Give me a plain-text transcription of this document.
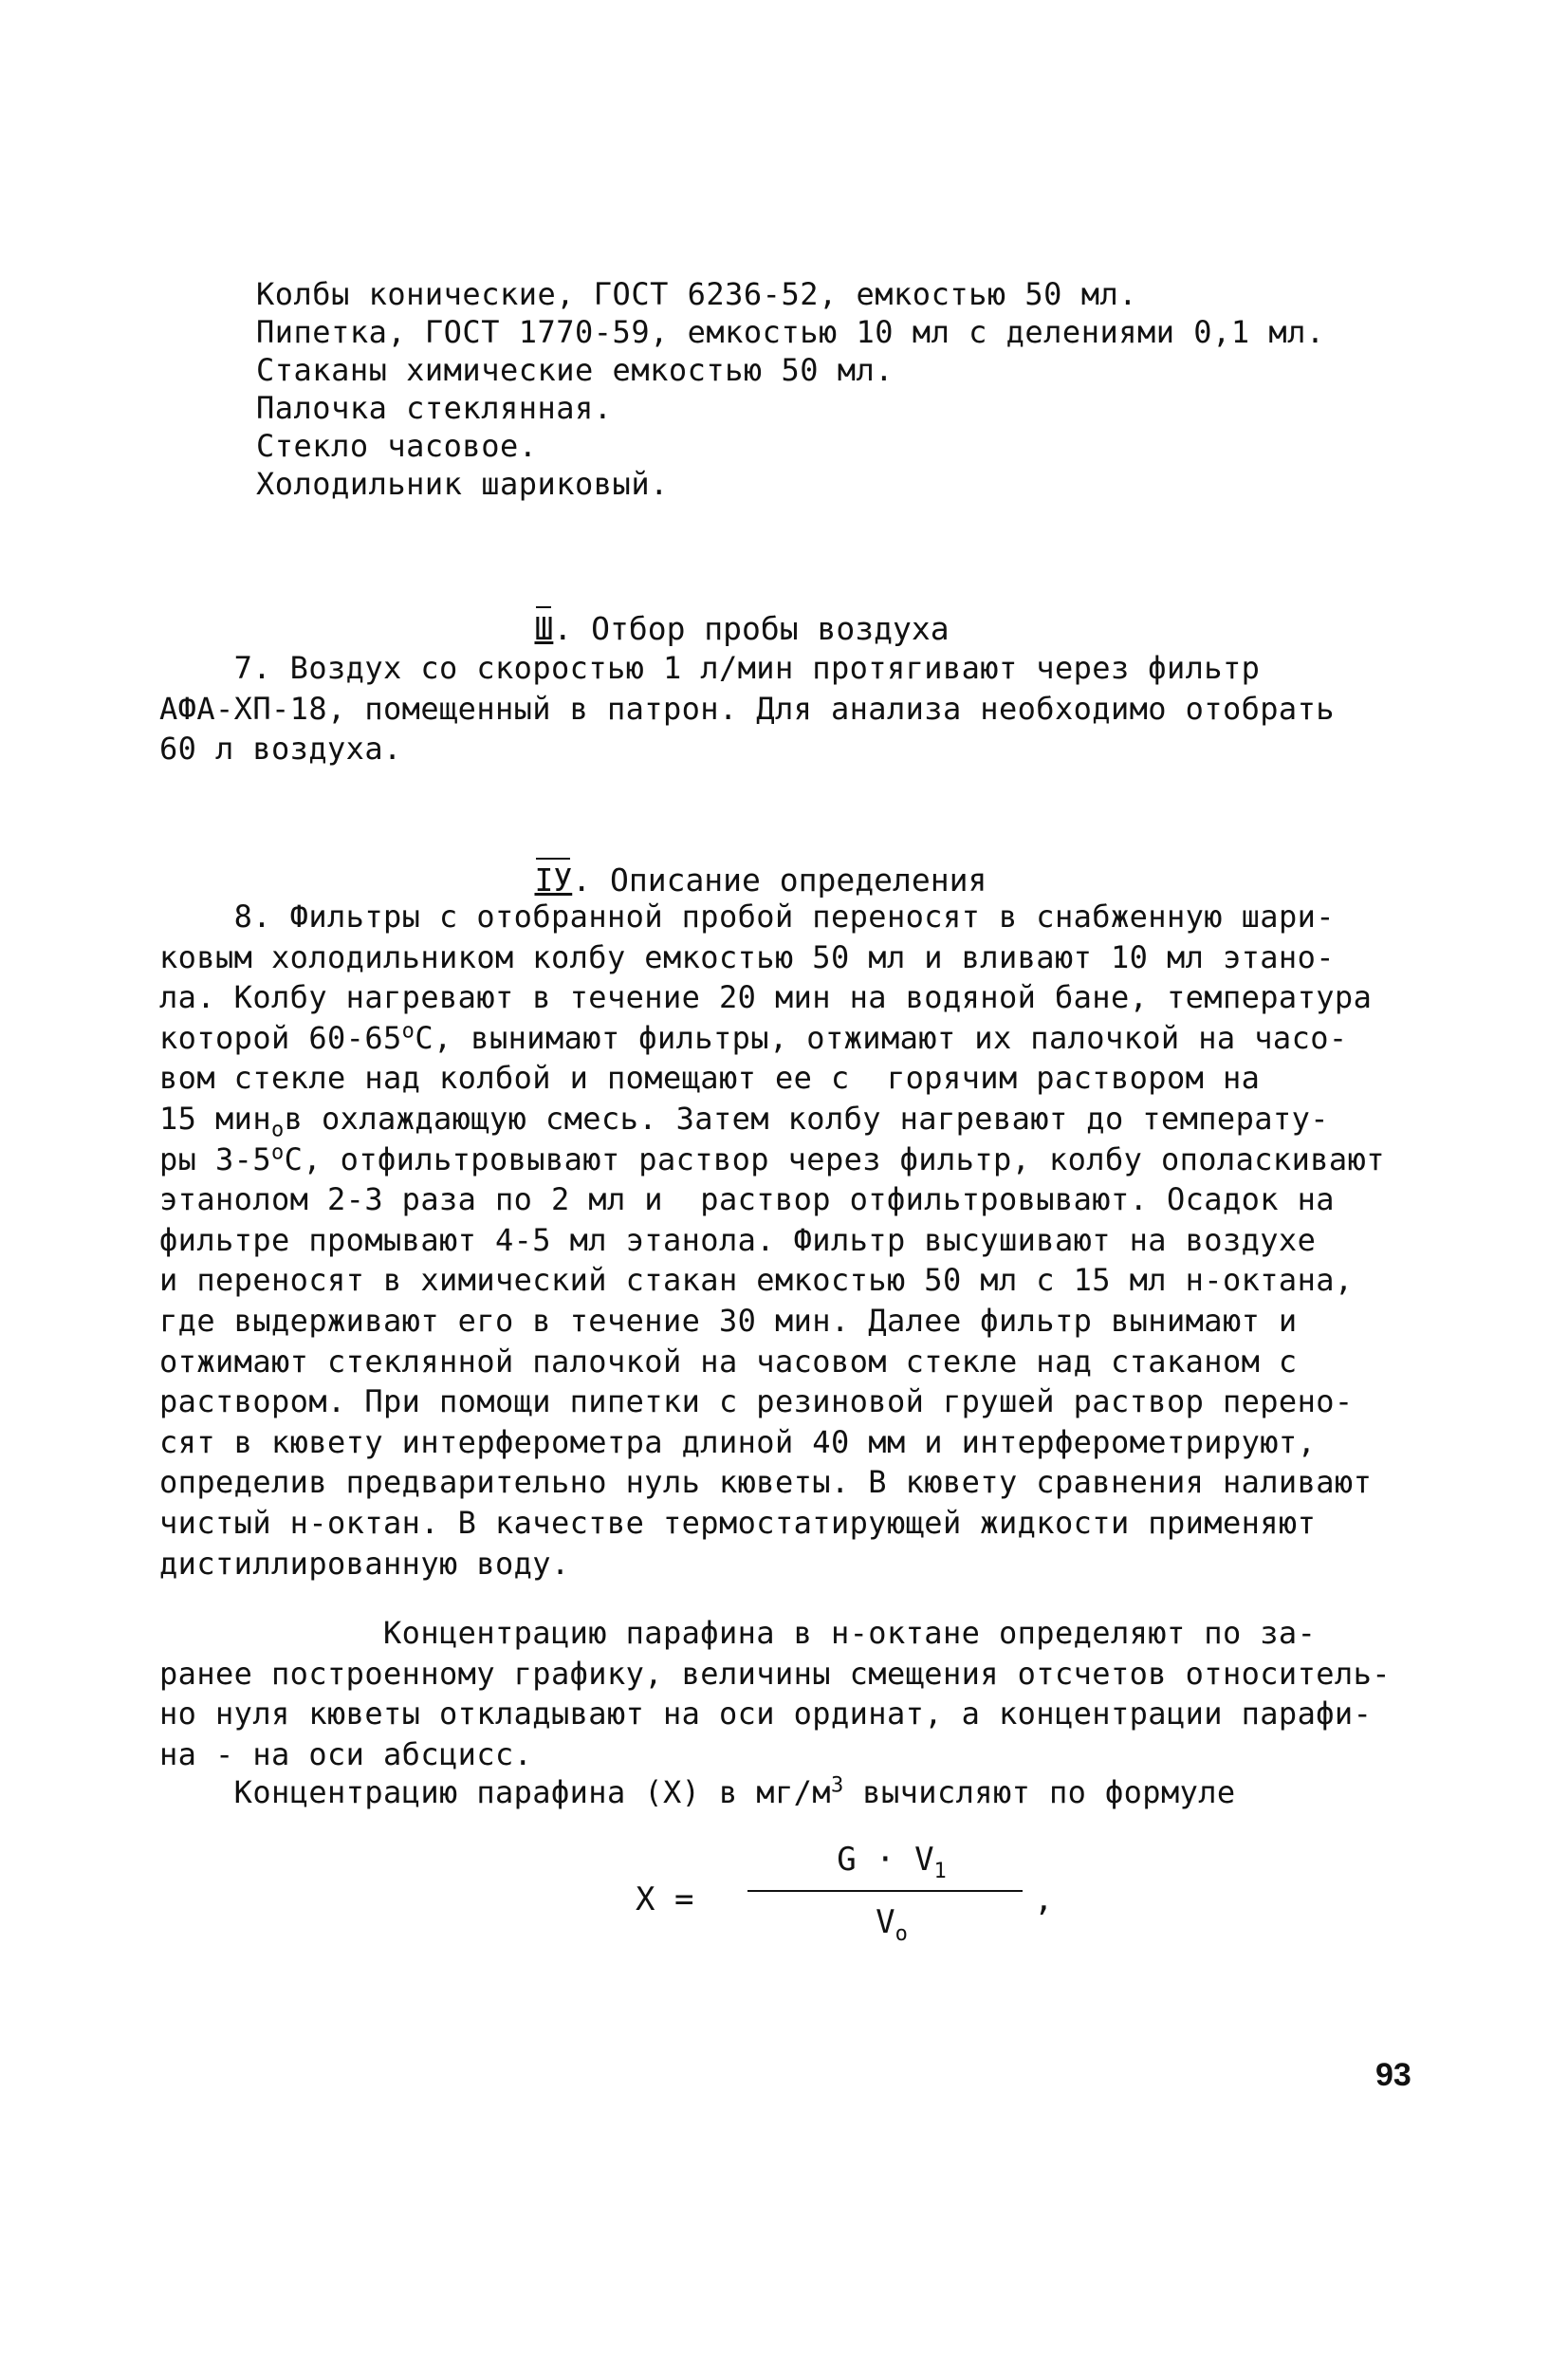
Колбы конические, ГОСТ 6236-52, емкостью 50 мл.
Пипетка, ГОСТ 1770-59, емкостью 10 мл с делениями 0,1 мл.
Стаканы химические емкостью 50 мл.
Палочка стеклянная.
Стекло часовое.
Холодильник шариковый.

Ш. Отбор пробы воздуха

7. Воздух со скоростью 1 л/мин протягивают через фильтр
АФА-ХП-18, помещенный в патрон. Для анализа необходимо отобрать
60 л воздуха.

ІУ. Описание определения

8. Фильтры с отобранной пробой переносят в снабженную шари-
ковым холодильником колбу емкостью 50 мл и вливают 10 мл этано-
ла. Колбу нагревают в течение 20 мин на водяной бане, температура
которой $60-65^оС$, вынимают фильтры, отжимают их палочкой на часо-
вом стекле над колбой и помещают ее с  горячим раствором на
15 мин$_о$в охлаждающую смесь. Затем колбу нагревают до температу-
ры $3-5^оС$, отфильтровывают раствор через фильтр, колбу ополаскивают
этанолом 2-3 раза по 2 мл и  раствор отфильтровывают. Осадок на
фильтре промывают 4-5 мл этанола. Фильтр высушивают на воздухе
и переносят в химический стакан емкостью 50 мл с 15 мл н-октана,
где выдерживают его в течение 30 мин. Далее фильтр вынимают и
отжимают стеклянной палочкой на часовом стекле над стаканом с
раствором. При помощи пипетки с резиновой грушей раствор перено-
сят в кювету интерферометра длиной 40 мм и интерферометрируют,
определив предварительно нуль кюветы. В кювету сравнения наливают
чистый н-октан. В качестве термостатирующей жидкости применяют
дистиллированную воду.
Концентрацию парафина в н-октане определяют по за-
ранее построенному графику, величины смещения отсчетов относитель-
но нуля кюветы откладывают на оси ординат, а концентрации парафи-
на - на оси абсцисс.
Концентрацию парафина (Х) в $мг/м^3$ вычисляют по формуле
Х =
$G \cdot V_1$
$V_o$
,
93
